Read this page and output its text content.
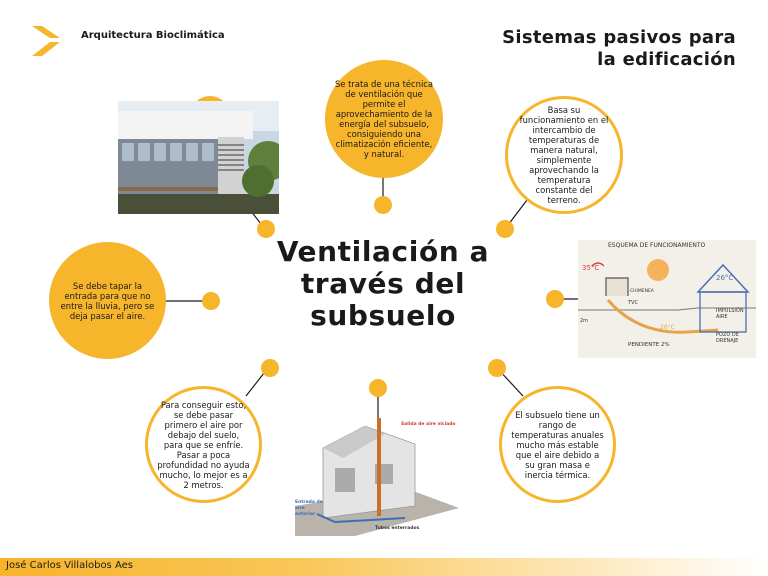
Arquitectura Bioclimática	Sistemas pasivos para
la edificación
Ventilación a
través del
subsuelo
Se trata de una técnica de ventilación que permite el aprovechamiento de la energía del subsuelo, consiguiendo una climatización eficiente, y natural.
Basa su funcionamiento en el intercambio de temperaturas de manera natural, simplemente aprovechando la temperatura constante del terreno.
Se debe tapar la entrada para que no entre la lluvia, pero se deja pasar el aire.
Para conseguir esto, se debe pasar primero el aire por debajo del suelo, para que se enfríe. Pasar a poca profundidad no ayuda mucho, lo mejor es a 2 metros.
El subsuelo tiene un rango de temperaturas anuales mucho más estable que el aire debido a su gran masa e inercia térmica.
ESQUEMA DE FUNCIONAMIENTO
35°C
26°C
CHIMENEA
TVC
2m
26°C
IMPULSIÓN AIRE
POZO DE DRENAJE
PENDIENTE 2%
Salida de aire viciado
Entrada de aire exterior
Tubos enterrados
José Carlos Villalobos Aes
